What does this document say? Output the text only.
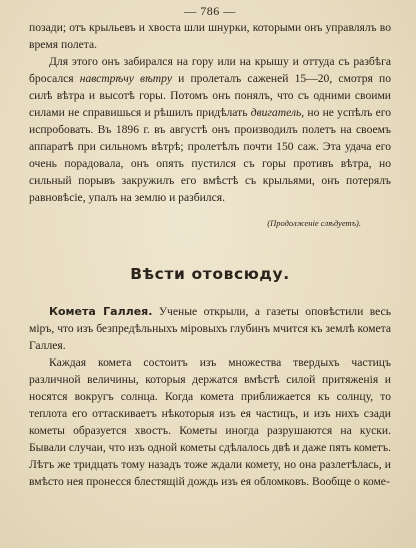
— 786 —

позади; отъ крыльевъ и хвоста шли шнурки, которыми онъ управлялъ во время полета.

Для этого онъ забирался на гору или на крышу и оттуда съ разбѣга бросался навстрѣчу вѣтру и пролеталъ саженей 15—20, смотря по силѣ вѣтра и высотѣ горы. Потомъ онъ понялъ, что съ одними своими силами не справишься и рѣшилъ придѣлать двигатель, но не успѣлъ его испробовать. Въ 1896 г. въ августѣ онъ производилъ полетъ на своемъ аппаратѣ при сильномъ вѣтрѣ; пролетѣлъ почти 150 саж. Эта удача его очень порадовала, онъ опять пустился съ горы противъ вѣтра, но сильный порывъ закружилъ его вмѣстѣ съ крыльями, онъ потерялъ равновѣсіе, упалъ на землю и разбился.

(Продолженіе слѣдуетъ).
Вѣсти отовсюду.

Комета Галлея. Ученые открыли, а газеты оповѣстили весь міръ, что изъ безпредѣльныхъ міровыхъ глубинъ мчится къ землѣ комета Галлея.

Каждая комета состоитъ изъ множества твердыхъ частицъ различной величины, которыя держатся вмѣстѣ силой притяженія и носятся вокругъ солнца. Когда комета приближается къ солнцу, то теплота его оттаскиваетъ нѣкоторыя изъ ея частицъ, и изъ нихъ сзади кометы образуется хвостъ. Кометы иногда разрушаются на куски. Бывали случаи, что изъ одной кометы сдѣлалось двѣ и даже пять кометъ. Лѣтъ же тридцать тому назадъ тоже ждали комету, но она разлетѣлась, и вмѣсто нея пронесся блестящій дождь изъ ея обломковъ. Вообще о коме-
